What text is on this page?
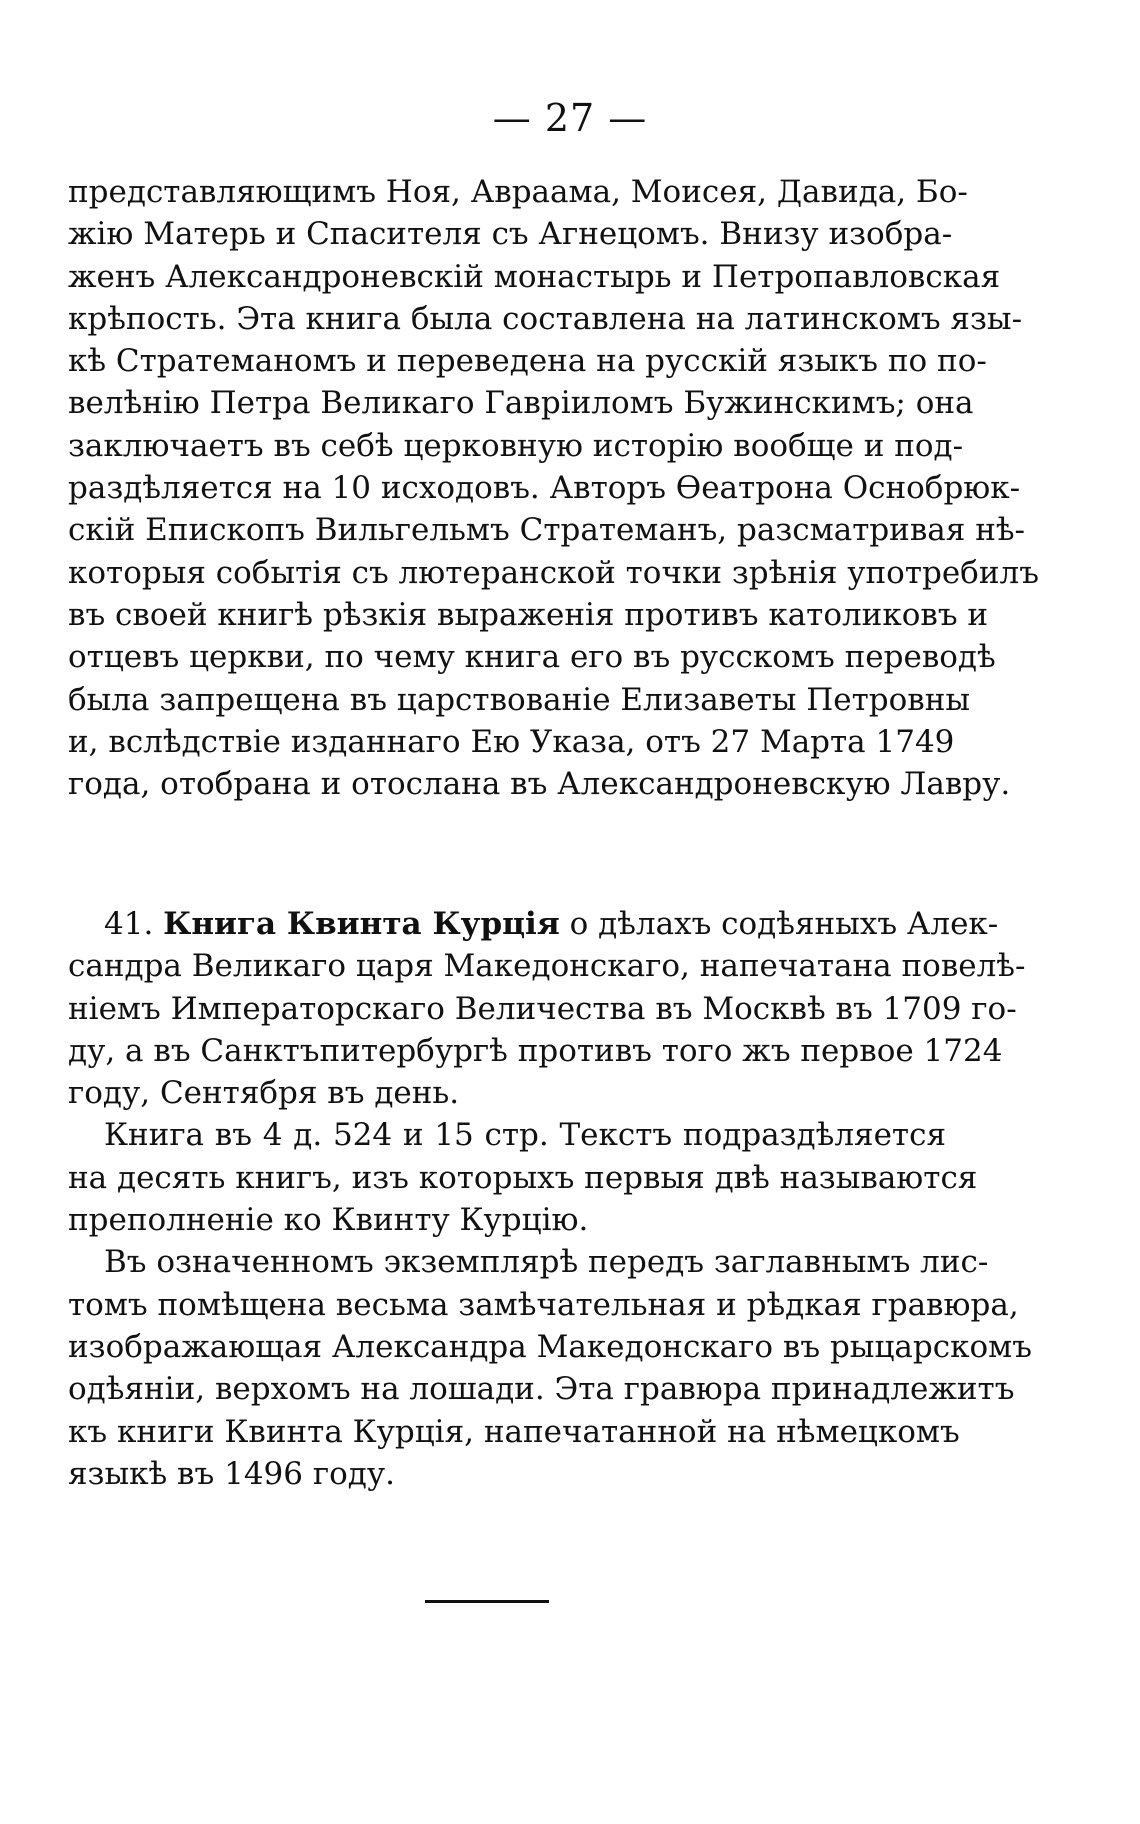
— 27 —
представляющимъ Ноя, Авраама, Моисея, Давида, Бо-
жію Матерь и Спасителя съ Агнецомъ. Внизу изобра-
женъ Александроневскій монастырь и Петропавловская
крѣпость. Эта книга была составлена на латинскомъ язы-
кѣ Стратеманомъ и переведена на русскій языкъ по по-
велѣнію Петра Великаго Гавріиломъ Бужинскимъ; она
заключаетъ въ себѣ церковную исторію вообще и под-
раздѣляется на 10 исходовъ. Авторъ Ѳеатрона Оснобрюк-
скій Епископъ Вильгельмъ Стратеманъ, разсматривая нѣ-
которыя событія съ лютеранской точки зрѣнія употребилъ
въ своей книгѣ рѣзкія выраженія противъ католиковъ и
отцевъ церкви, по чему книга его въ русскомъ переводѣ
была запрещена въ царствованіе Елизаветы Петровны
и, вслѣдствіе изданнаго Ею Указа, отъ 27 Марта 1749
года, отобрана и отослана въ Александроневскую Лавру.
41. Книга Квинта Курція о дѣлахъ содѣяныхъ Алек-
сандра Великаго царя Македонскаго, напечатана повелѣ-
ніемъ Императорскаго Величества въ Москвѣ въ 1709 го-
ду, а въ Санктъпитербургѣ противъ того жъ первое 1724
году, Сентября въ день.
Книга въ 4 д. 524 и 15 стр. Текстъ подраздѣляется
на десять книгъ, изъ которыхъ первыя двѣ называются
преполненіе ко Квинту Курцію.
Въ означенномъ экземплярѣ передъ заглавнымъ лис-
томъ помѣщена весьма замѣчательная и рѣдкая гравюра,
изображающая Александра Македонскаго въ рыцарскомъ
одѣяніи, верхомъ на лошади. Эта гравюра принадлежитъ
къ книги Квинта Курція, напечатанной на нѣмецкомъ
языкѣ въ 1496 году.
